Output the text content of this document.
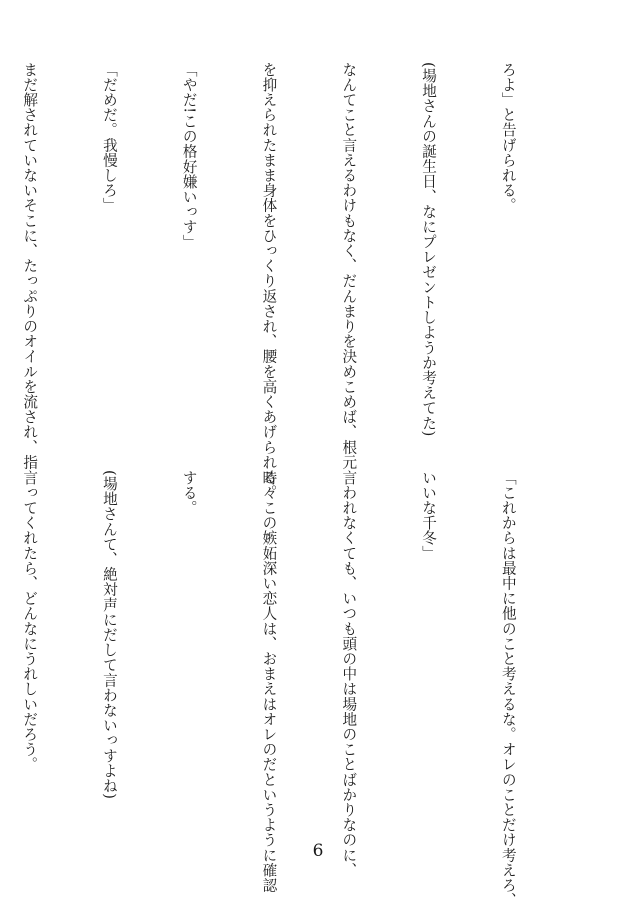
ろよ」と告げられる。

(場地さんの誕生日、なにプレゼントしようか考えてた)

なんてこと言えるわけもなく、だんまりを決めこめば、根元

を抑えられたまま身体をひっくり返され、腰を高くあげられる。

「やだ!この格好嫌いっす」

「だめだ。我慢しろ」

まだ解されていないそこに、たっぷりのオイルを流され、指

「これからは最中に他のこと考えるな。オレのことだけ考えろ、

いいな千冬」

言われなくても、いつも頭の中は場地のことばかりなのに、

時々この嫉妬深い恋人は、おまえはオレのだというように確認

する。

(場地さんて、絶対声にだして言わないっすよね)

言ってくれたら、どんなにうれしいだろう。

6
